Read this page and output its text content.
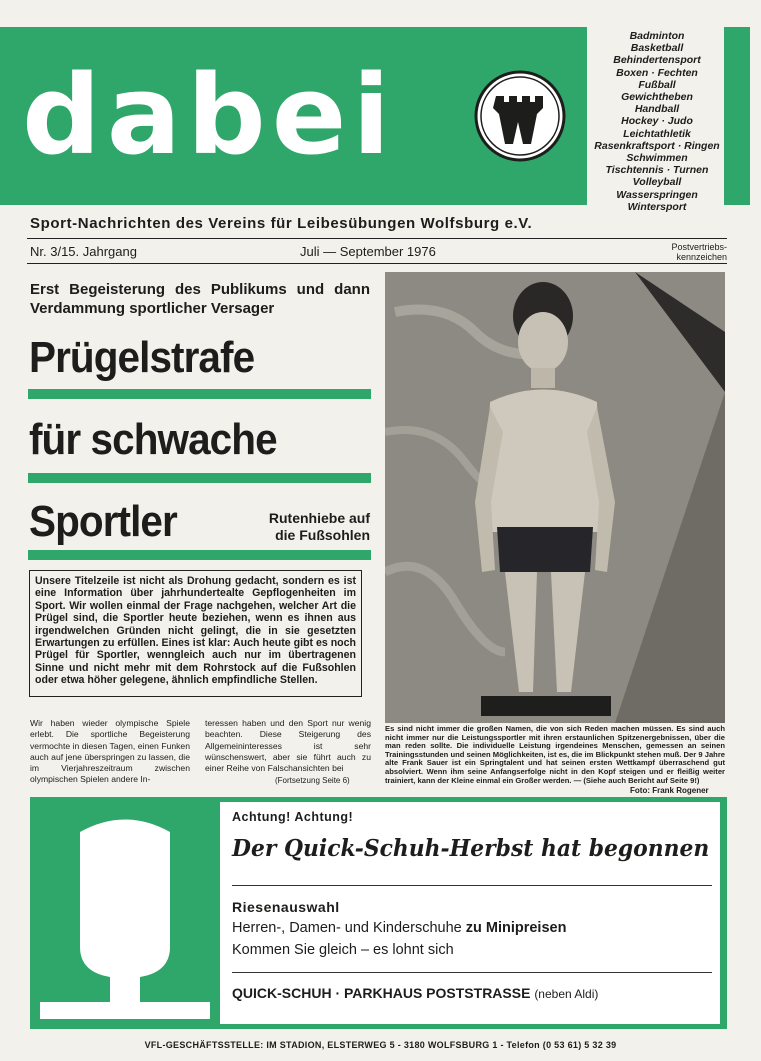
dabei
Badminton
Basketball
Behindertensport
Boxen · Fechten
Fußball
Gewichtheben
Handball
Hockey · Judo
Leichtathletik
Rasenkraftsport · Ringen
Schwimmen
Tischtennis · Turnen
Volleyball
Wasserspringen
Wintersport
Sport-Nachrichten des Vereins für Leibesübungen Wolfsburg e.V.
Nr. 3/15. Jahrgang	Juli — September 1976	Postvertriebs-
kennzeichen
Erst Begeisterung des Publikums und dann Verdammung sportlicher Versager
Prügelstrafe
für schwache
Sportler	Rutenhiebe auf
die Fußsohlen
Unsere Titelzeile ist nicht als Drohung gedacht, sondern es ist eine Information über jahrhundertealte Gepflogenheiten im Sport. Wir wollen einmal der Frage nachgehen, welcher Art die Prügel sind, die Sportler heute beziehen, wenn es ihnen aus irgendwelchen Gründen nicht gelingt, die in sie gesetzten Erwartungen zu erfüllen. Eines ist klar: Auch heute gibt es noch Prügel für Sportler, wenngleich auch nur im übertragenen Sinne und nicht mehr mit dem Rohrstock auf die Fußsohlen oder etwa höher gelegene, ähnlich empfindliche Stellen.
Wir haben wieder olympische Spiele erlebt. Die sportliche Begeisterung vermochte in diesen Tagen, einen Funken auch auf jene überspringen zu lassen, die im Vierjahreszeitraum zwischen olympischen Spielen andere In-
teressen haben und den Sport nur wenig beachten. Diese Steigerung des Allgemeininteresses ist sehr wünschenswert, aber sie führt auch zu einer Reihe von Falschansichten bei
(Fortsetzung Seite 6)
Es sind nicht immer die großen Namen, die von sich Reden machen müssen. Es sind auch nicht immer nur die Leistungssportler mit ihren erstaunlichen Spitzenergebnissen, über die man reden sollte. Die individuelle Leistung irgendeines Menschen, gemessen an seinen Trainingsstunden und seinen Möglichkeiten, ist es, die im Blickpunkt stehen muß. Der 9 Jahre alte Frank Sauer ist ein Springtalent und hat seinen ersten Wettkampf überraschend gut absolviert. Wenn ihm seine Anfangserfolge nicht in den Kopf steigen und er fleißig weiter trainiert, kann der Kleine einmal ein Großer werden. — (Siehe auch Bericht auf Seite 9!)
Foto: Frank Rogener
Achtung! Achtung!
Der Quick-Schuh-Herbst hat begonnen
Riesenauswahl
Herren-, Damen- und Kinderschuhe zu Minipreisen
Kommen Sie gleich – es lohnt sich
QUICK-SCHUH · PARKHAUS POSTSTRASSE (neben Aldi)
VFL-GESCHÄFTSSTELLE: IM STADION, ELSTERWEG 5 - 3180 WOLFSBURG 1 - Telefon (0 53 61) 5 32 39
